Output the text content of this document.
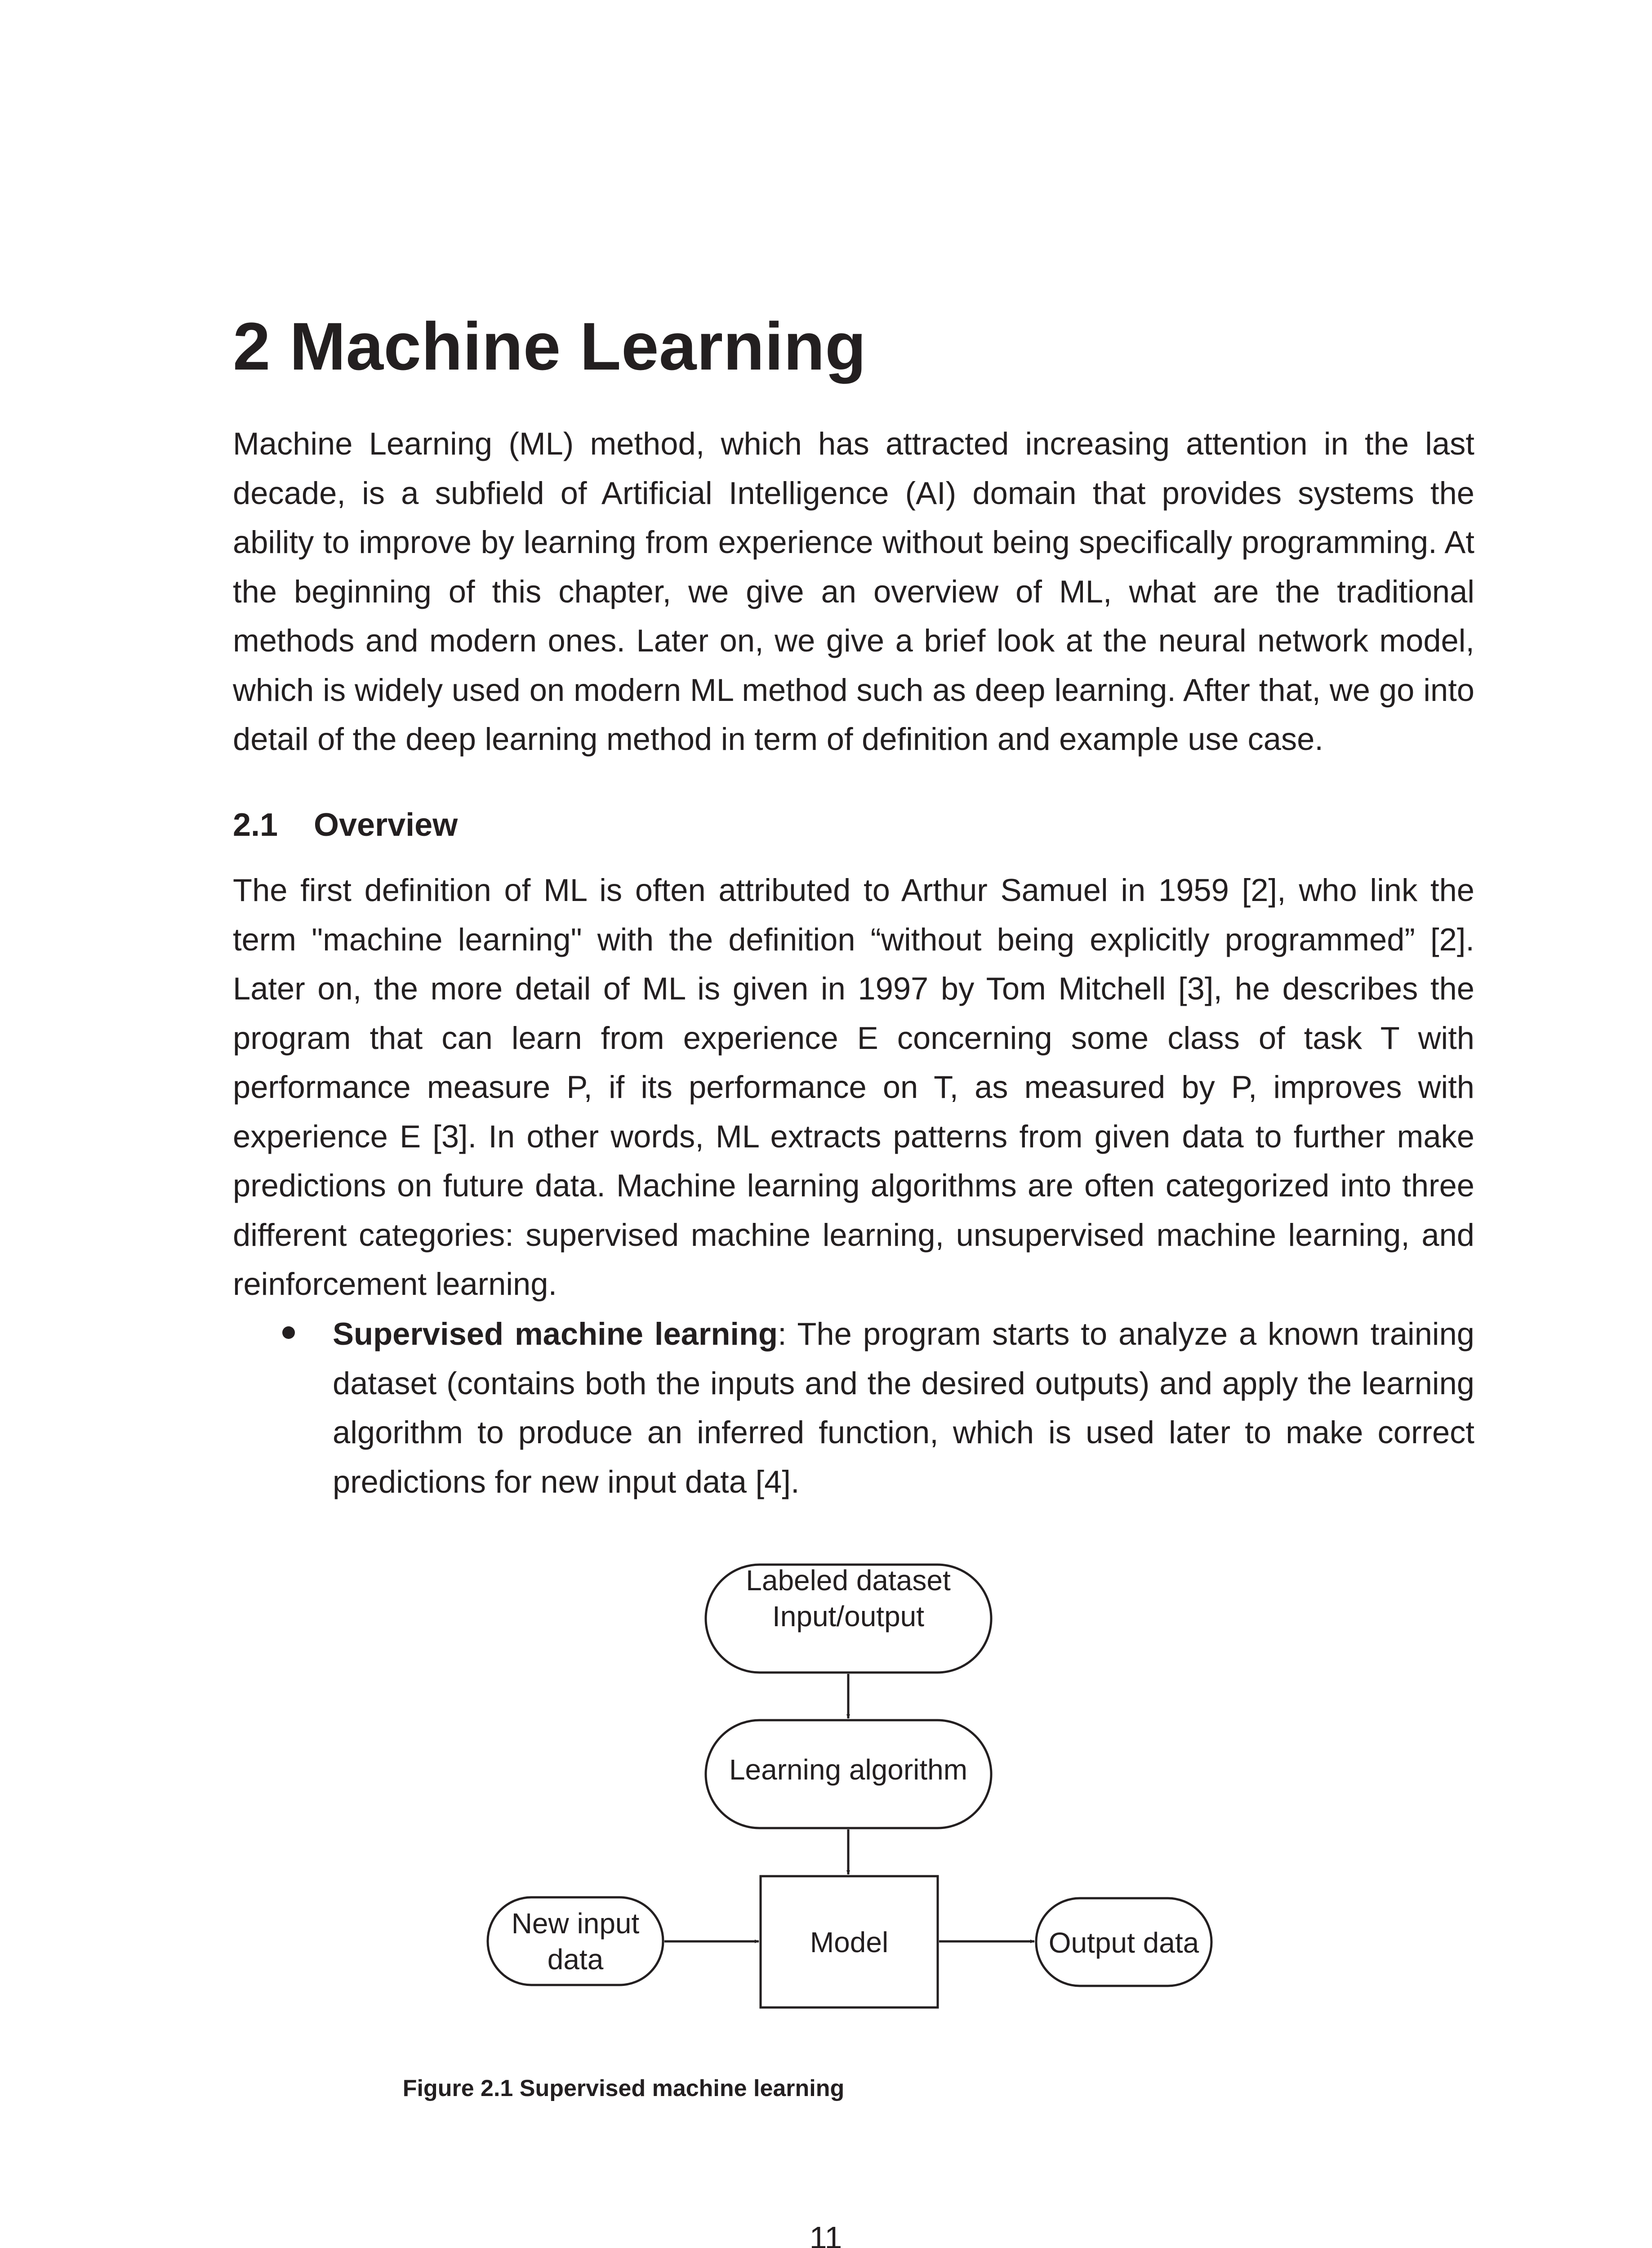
2 Machine Learning

Machine Learning (ML) method, which has attracted increasing attention in the last decade, is a subfield of Artificial Intelligence (AI) domain that provides systems the ability to improve by learning from experience without being specifically programming. At the beginning of this chapter, we give an overview of ML, what are the traditional methods and modern ones. Later on, we give a brief look at the neural network model, which is widely used on modern ML method such as deep learning. After that, we go into detail of the deep learning method in term of definition and example use case.

2.1 Overview

The first definition of ML is often attributed to Arthur Samuel in 1959 [2], who link the term "machine learning" with the definition “without being explicitly programmed” [2]. Later on, the more detail of ML is given in 1997 by Tom Mitchell [3], he describes the program that can learn from experience E concerning some class of task T with performance measure P, if its performance on T, as measured by P, improves with experience E [3]. In other words, ML extracts patterns from given data to further make predictions on future data. Machine learning algorithms are often categorized into three different categories: supervised machine learning, unsupervised machine learning, and reinforcement learning.

Supervised machine learning: The program starts to analyze a known training dataset (contains both the inputs and the desired outputs) and apply the learning algorithm to produce an inferred function, which is used later to make correct predictions for new input data [4].

Labeled dataset
Input/output
Learning algorithm
New input
data
Model	Output data
Figure 2.1 Supervised machine learning
11
